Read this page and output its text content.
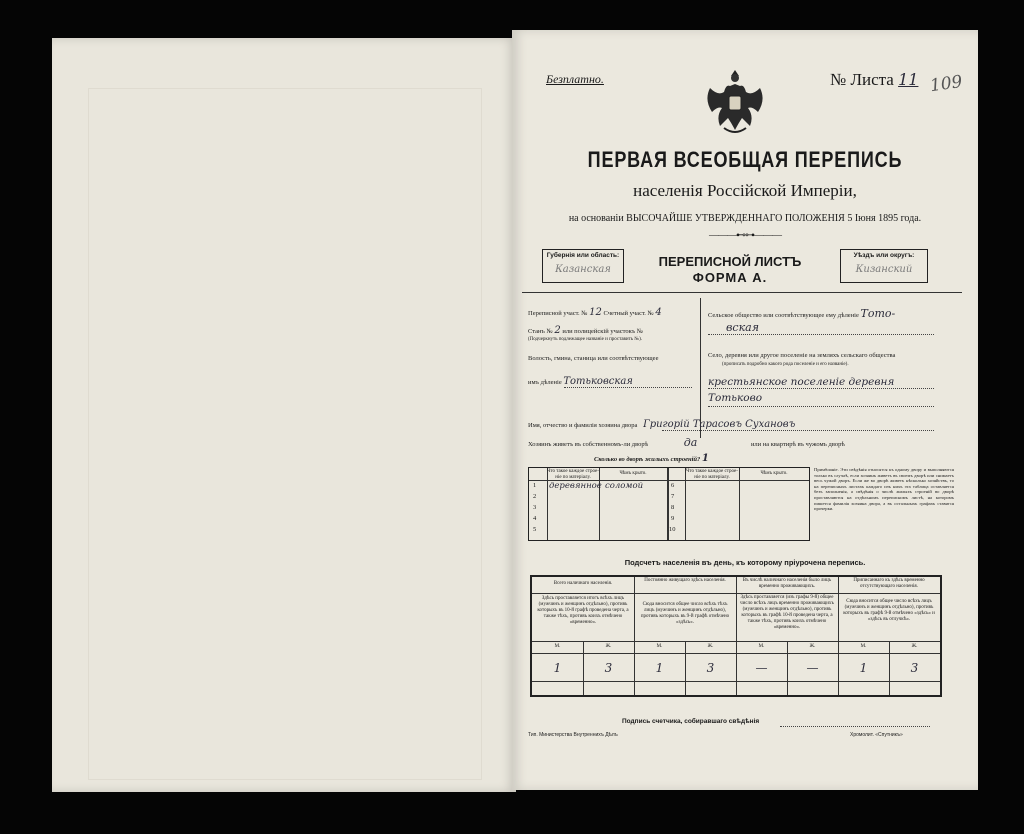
Безплатно.	№ Листа 11 109
ПЕРВАЯ ВСЕОБЩАЯ ПЕРЕПИСЬ
населенія Россійской Имперіи,
на основаніи ВЫСОЧАЙШЕ УТВЕРЖДЕННАГО ПОЛОЖЕНІЯ 5 Іюня 1895 года.
———⊷⊶———
Губернія или область:
Казанская
ПЕРЕПИСНОЙ ЛИСТЪ
ФОРМА А.
Уѣздъ или округъ:
Кизанский
Переписной участ. № 12 Счетный участ. № 4
Станъ № 2 или полицейскій участокъ №
(Подчеркнуть подлежащее названіе и проставить №).
Волость, гмина, станица или соотвѣтствующее
имъ дѣленіе Тотьковская
Сельское общество или соотвѣтствующее ему дѣленіе Тото-
вская
Село, деревня или другое поселеніе на земляхъ сельскаго общества
(прописать подробно какого рода поселеніе и его названіе).
крестьянское поселеніе деревня
Тотьково
Имя, отчество и фамилія хозяина двора Григорій Тарасовъ Сухановъ
Хозяинъ живетъ въ собственномъ-ли дворѣ	да	или на квартирѣ въ чужомъ дворѣ
Сколько во дворѣ жилыхъ строеній? 1
Что такое каждое строе- ніе по матеріалу.
Чѣмъ крыто.	Что такое каждое строе- ніе по матеріалу.
Чѣмъ крыто.
1 деревянное соломой
2
3
4
5
6
7
8
9
10
Примѣчаніе. Эти свѣдѣнія относятся къ одному двору и выполняются только въ случаѣ, если хозяинъ живетъ въ своемъ дворѣ или снимаетъ весь чужой дворъ. Если же во дворѣ живетъ нѣсколько хозяйствъ, то на переписныхъ листахъ каждаго изъ нихъ эта таблица оставляется безъ заполненія, а свѣдѣнія о числѣ жилыхъ строеній во дворѣ проставляются на отдѣльномъ переписномъ листѣ, на которомъ пишется фамилія хозяина двора, а въ остальныхъ графахъ ставятся прочерки.
Подсчетъ населенія въ день, къ которому пріурочена перепись.
Всего наличнаго населенія.
Постоянно живущаго здѣсь населенія.	Въ числѣ наличнаго населенія было лицъ временно проживающихъ.
Приписаннаго къ здѣсь временно отсутствующаго населенія.
Здѣсь проставляется итогъ всѣхъ лицъ (мужчинъ и женщинъ отдѣльно), противъ которыхъ въ 10-й графѣ проведена черта, а также тѣхъ, противъ коихъ отмѣчено «временно».
Сюда вносится общее число всѣхъ тѣхъ лицъ (мужчинъ и женщинъ отдѣльно), противъ которыхъ въ 9-й графѣ отмѣчено «здѣсь».
Здѣсь проставляется (изъ графы 9-й) общее число всѣхъ лицъ временно проживающихъ (мужчинъ и женщинъ отдѣльно), противъ которыхъ въ графѣ 10-й проведена черта, а также тѣхъ, противъ коихъ отмѣчено «временно».
Сюда вносится общее число всѣхъ лицъ (мужчинъ и женщинъ отдѣльно), противъ которыхъ въ графѣ 9-й отмѣчено «здѣсь» и «здѣсь въ отлучкѣ».
М.	Ж.	М.	Ж.	М.	Ж.	М.	Ж.
1	3	1	3	—	—	1	3
Подпись счетчика, собиравшаго свѣдѣнія
Тип. Министерства Внутреннихъ Дѣлъ	Хромолит. «Спутникъ»
